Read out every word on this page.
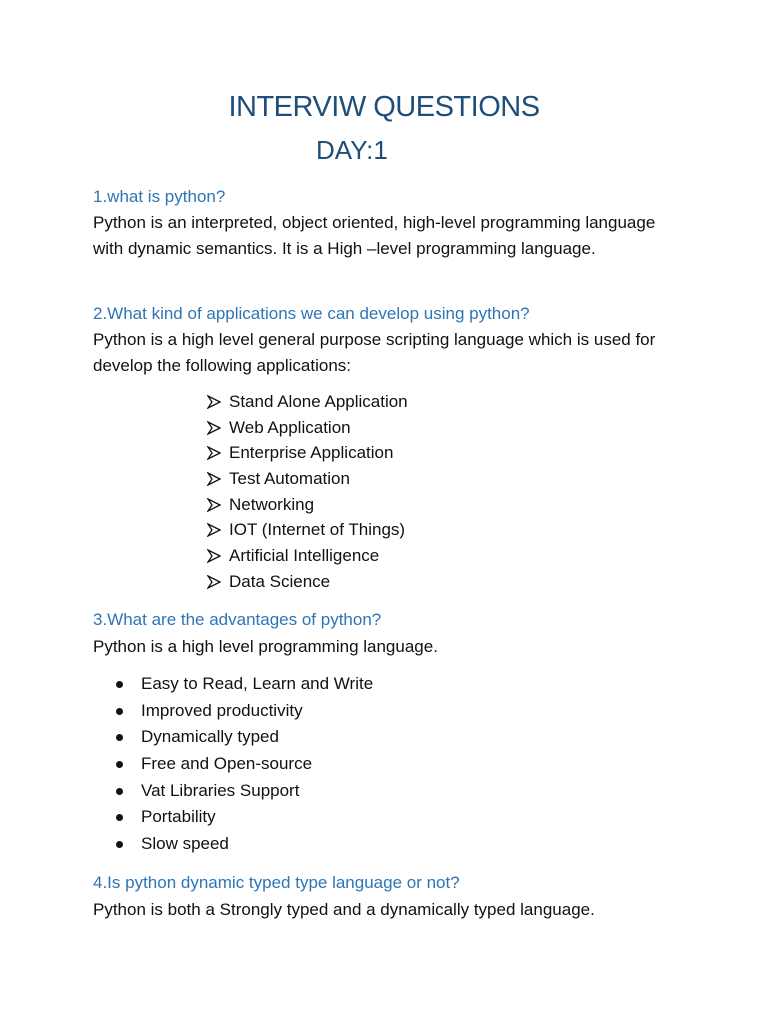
INTERVIW QUESTIONS
DAY:1
1.what is python?

Python is an interpreted, object oriented, high-level programming language with dynamic semantics. It is a High –level programming language.

2.What kind of applications we can develop using python?

Python is a high level general purpose scripting language which is used for develop the following applications:

Stand Alone Application
Web Application
Enterprise Application
Test Automation
Networking
IOT (Internet of Things)
Artificial Intelligence
Data Science
3.What are the advantages of python?

Python is a high level programming language.

Easy to Read, Learn and Write
Improved productivity
Dynamically typed
Free and Open-source
Vat Libraries Support
Portability
Slow speed
4.Is python dynamic typed type language or not?

Python is both a Strongly typed and a dynamically typed language.
